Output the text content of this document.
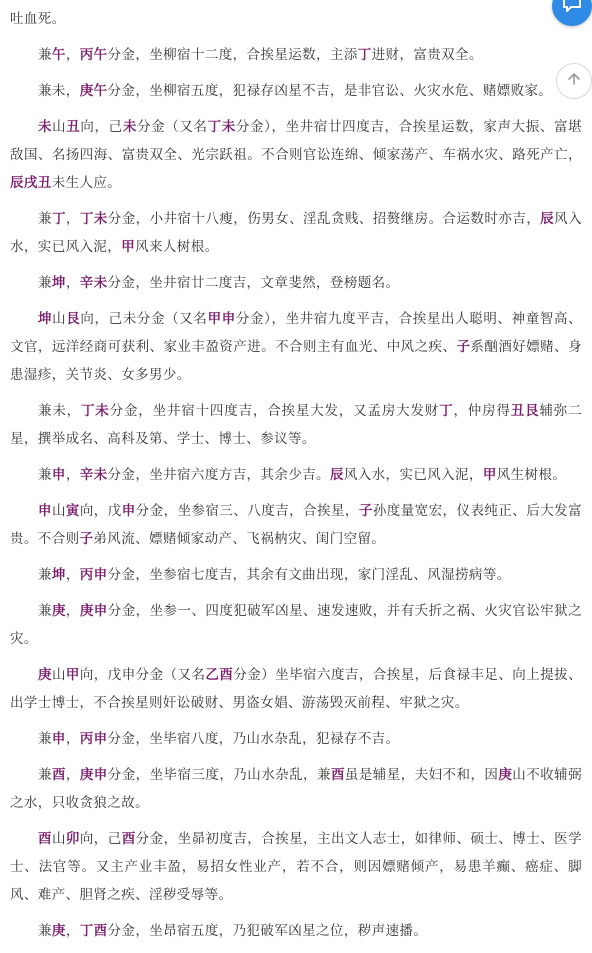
吐血死。

兼午，丙午分金，坐柳宿十二度，合挨星运数，主添丁进财，富贵双全。

兼未，庚午分金，坐柳宿五度，犯禄存凶星不吉，是非官讼、火灾水危、赌嫖败家。

未山丑向，己未分金（又名丁未分金），坐井宿廿四度吉，合挨星运数，家声大振、富堪敌国、名扬四海、富贵双全、光宗跃祖。不合则官讼连绵、倾家荡产、车祸水灾、路死产亡，辰戌丑未生人应。

兼丁，丁未分金，小井宿十八瘦，伤男女、淫乱贪贱、招赘继房。合运数时亦吉，辰风入水，实已风入泥，甲风来人树根。

兼坤，辛未分金，坐井宿廿二度吉，文章斐然，登榜题名。

坤山艮向，己未分金（又名甲申分金），坐井宿九度平吉，合挨星出人聪明、神童智高、文官，远洋经商可获利、家业丰盈资产进。不合则主有血光、中风之疾、子系酗酒好嫖赌、身患湿疹，关节炎、女多男少。

兼未，丁未分金，坐井宿十四度吉，合挨星大发，又孟房大发财丁，仲房得丑艮辅弥二星，撰举成名、高科及第、学士、博士、参议等。

兼申，辛未分金，坐井宿六度方吉，其余少吉。辰风入水，实已风入泥，甲风生树根。

申山寅向，戊申分金，坐参宿三、八度吉，合挨星，子孙度量宽宏，仪表纯正、后大发富贵。不合则子弟风流、嫖赌倾家动产、飞祸枘灾、闺门空留。

兼坤，丙申分金，坐参宿七度吉，其余有文曲出现，家门淫乱、风湿捞病等。

兼庚，庚申分金，坐参一、四度犯破军凶星、速发速败，并有夭折之祸、火灾官讼牢狱之灾。

庚山甲向，戊申分金（又名乙酉分金）坐毕宿六度吉，合挨星，后食禄丰足、向上提拔、出学士博士，不合挨星则奸讼破财、男盗女娼、游荡毁灭前程、牢狱之灾。

兼申，丙申分金，坐毕宿八度，乃山水杂乱，犯禄存不吉。

兼酉，庚申分金，坐毕宿三度，乃山水杂乱，兼酉虽是辅星，夫妇不和，因庚山不收辅弼之水，只收贪狼之故。

酉山卯向，己酉分金，坐昴初度吉，合挨星，主出文人志士，如律师、硕士、博士、医学士、法官等。又主产业丰盈，易招女性业产，若不合，则因嫖赌倾产，易患羊癫、癌症、脚风、难产、胆肾之疾、淫秽受辱等。

兼庚，丁酉分金，坐昂宿五度，乃犯破军凶星之位，秽声速播。
